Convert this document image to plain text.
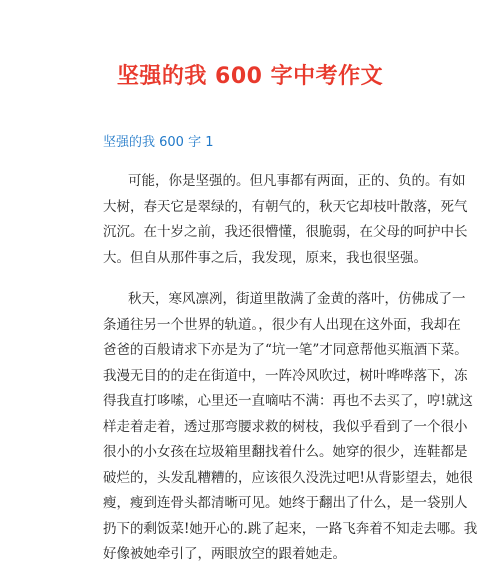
坚强的我 600 字中考作文
坚强的我 600 字 1
可能，你是坚强的。但凡事都有两面，正的、负的。有如
大树，春天它是翠绿的，有朝气的，秋天它却枝叶散落，死气
沉沉。在十岁之前，我还很懵懂，很脆弱，在父母的呵护中长
大。但自从那件事之后，我发现，原来，我也很坚强。
秋天，寒风凛冽，街道里散满了金黄的落叶，仿佛成了一
条通往另一个世界的轨道。，很少有人出现在这外面，我却在
爸爸的百般请求下亦是为了“坑一笔”才同意帮他买瓶酒下菜。
我漫无目的的走在街道中，一阵冷风吹过，树叶哗哗落下，冻
得我直打哆嗦，心里还一直嘀咕不满：再也不去买了，哼!就这
样走着走着，透过那弯腰求救的树枝，我似乎看到了一个很小
很小的小女孩在垃圾箱里翻找着什么。她穿的很少，连鞋都是
破烂的，头发乱糟糟的，应该很久没洗过吧!从背影望去，她很
瘦，瘦到连骨头都清晰可见。她终于翻出了什么，是一袋别人
扔下的剩饭菜!她开心的.跳了起来，一路飞奔着不知走去哪。我
好像被她牵引了，两眼放空的跟着她走。
